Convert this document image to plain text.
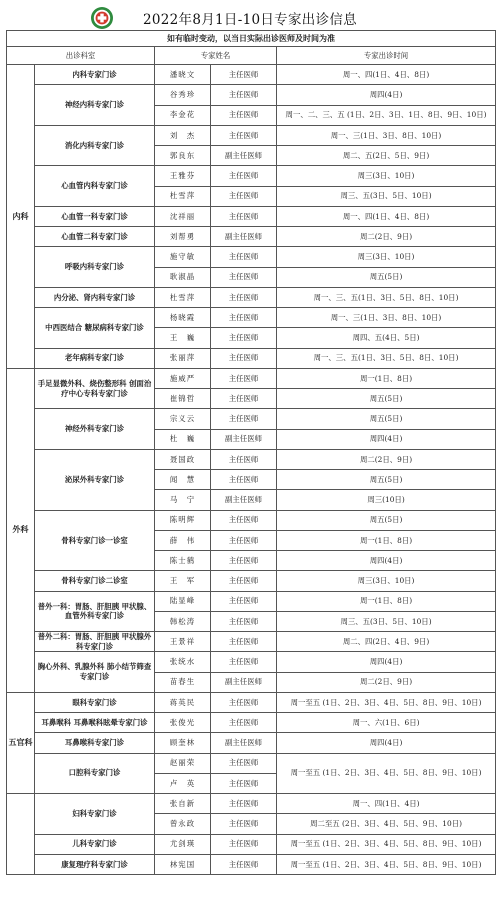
2022年8月1日-10日专家出诊信息
如有临时变动，以当日实际出诊医师及时间为准				
出诊科室		专家姓名		专家出诊时间
内科	内科专家门诊	潘晓文	主任医师	周一、四(1日、4日、8日)
	神经内科专家门诊	谷秀珍	主任医师	周四(4日)
		李金花	主任医师	周一、二、三、五 (1日、2日、3日、1日、8日、9日、10日)
	消化内科专家门诊	刘　杰	主任医师	周一、三(1日、3日、8日、10日)
		郭良东	副主任医师	周二、五(2日、5日、9日)
	心血管内科专家门诊	王雅芬	主任医师	周三(3日、10日)
		杜雪萍	主任医师	周三、五(3日、5日、10日)
	心血管一科专家门诊	沈祥丽	主任医师	周一、四(1日、4日、8日)
	心血管二科专家门诊	刘帮勇	副主任医师	周二(2日、9日)
	呼吸内科专家门诊	施守敏	主任医师	周三(3日、10日)
		耿淑晶	主任医师	周五(5日)
	内分泌、肾内科专家门诊	杜雪萍	主任医师	周一、三、五(1日、3日、5日、8日、10日)
	中西医结合 糖尿病科专家门诊	杨晓霞	主任医师	周一、三(1日、3日、8日、10日)
		王　巍	主任医师	周四、五(4日、5日)
	老年病科专家门诊	张丽萍	主任医师	周一、三、五(1日、3日、5日、8日、10日)
外科	手足显微外科、烧伤整形科 创面治疗中心专科专家门诊	施威严	主任医师	周一(1日、8日)
		崔锦哲	主任医师	周五(5日)
	神经外科专家门诊	宗义云	主任医师	周五(5日)
		杜　巍	副主任医师	周四(4日)
	泌尿外科专家门诊	聂国政	主任医师	周二(2日、9日)
		闻　慧	主任医师	周五(5日)
		马　宁	副主任医师	周三(10日)
	骨科专家门诊一诊室	陈明辉	主任医师	周五(5日)
		薛　伟	主任医师	周一(1日、8日)
		陈士鹤	主任医师	周四(4日)
	骨科专家门诊二诊室	王　军	主任医师	周三(3日、10日)
	普外一科：胃肠、肝胆胰 甲状腺、血管外科专家门诊	陆显峰	主任医师	周一(1日、8日)
		韩松涛	主任医师	周三、五(3日、5日、10日)
	普外二科：胃肠、肝胆胰 甲状腺外科专家门诊	王景祥	主任医师	周二、四(2日、4日、9日)
	胸心外科、乳腺外科 肺小结节筛查专家门诊	张统水	主任医师	周四(4日)
		苗春生	副主任医师	周二(2日、9日)
五官科	眼科专家门诊	蒋英民	主任医师	周一至五 (1日、2日、3日、4日、5日、8日、9日、10日)
	耳鼻喉科 耳鼻喉科眩晕专家门诊	张俊光	主任医师	周一、六(1日、6日)
	耳鼻喉科专家门诊	顾奎林	副主任医师	周四(4日)
	口腔科专家门诊	赵丽荣	主任医师	周一至五 (1日、2日、3日、4日、5日、8日、9日、10日)
		卢　英	主任医师	
	妇科专家门诊	张自新	主任医师	周一、四(1日、4日)
		曾永政	主任医师	周二至五 (2日、3日、4日、5日、9日、10日)
	儿科专家门诊	尤剑瑛	主任医师	周一至五 (1日、2日、3日、4日、5日、8日、9日、10日)
	康复理疗科专家门诊	林宪国	主任医师	周一至五 (1日、2日、3日、4日、5日、8日、9日、10日)
